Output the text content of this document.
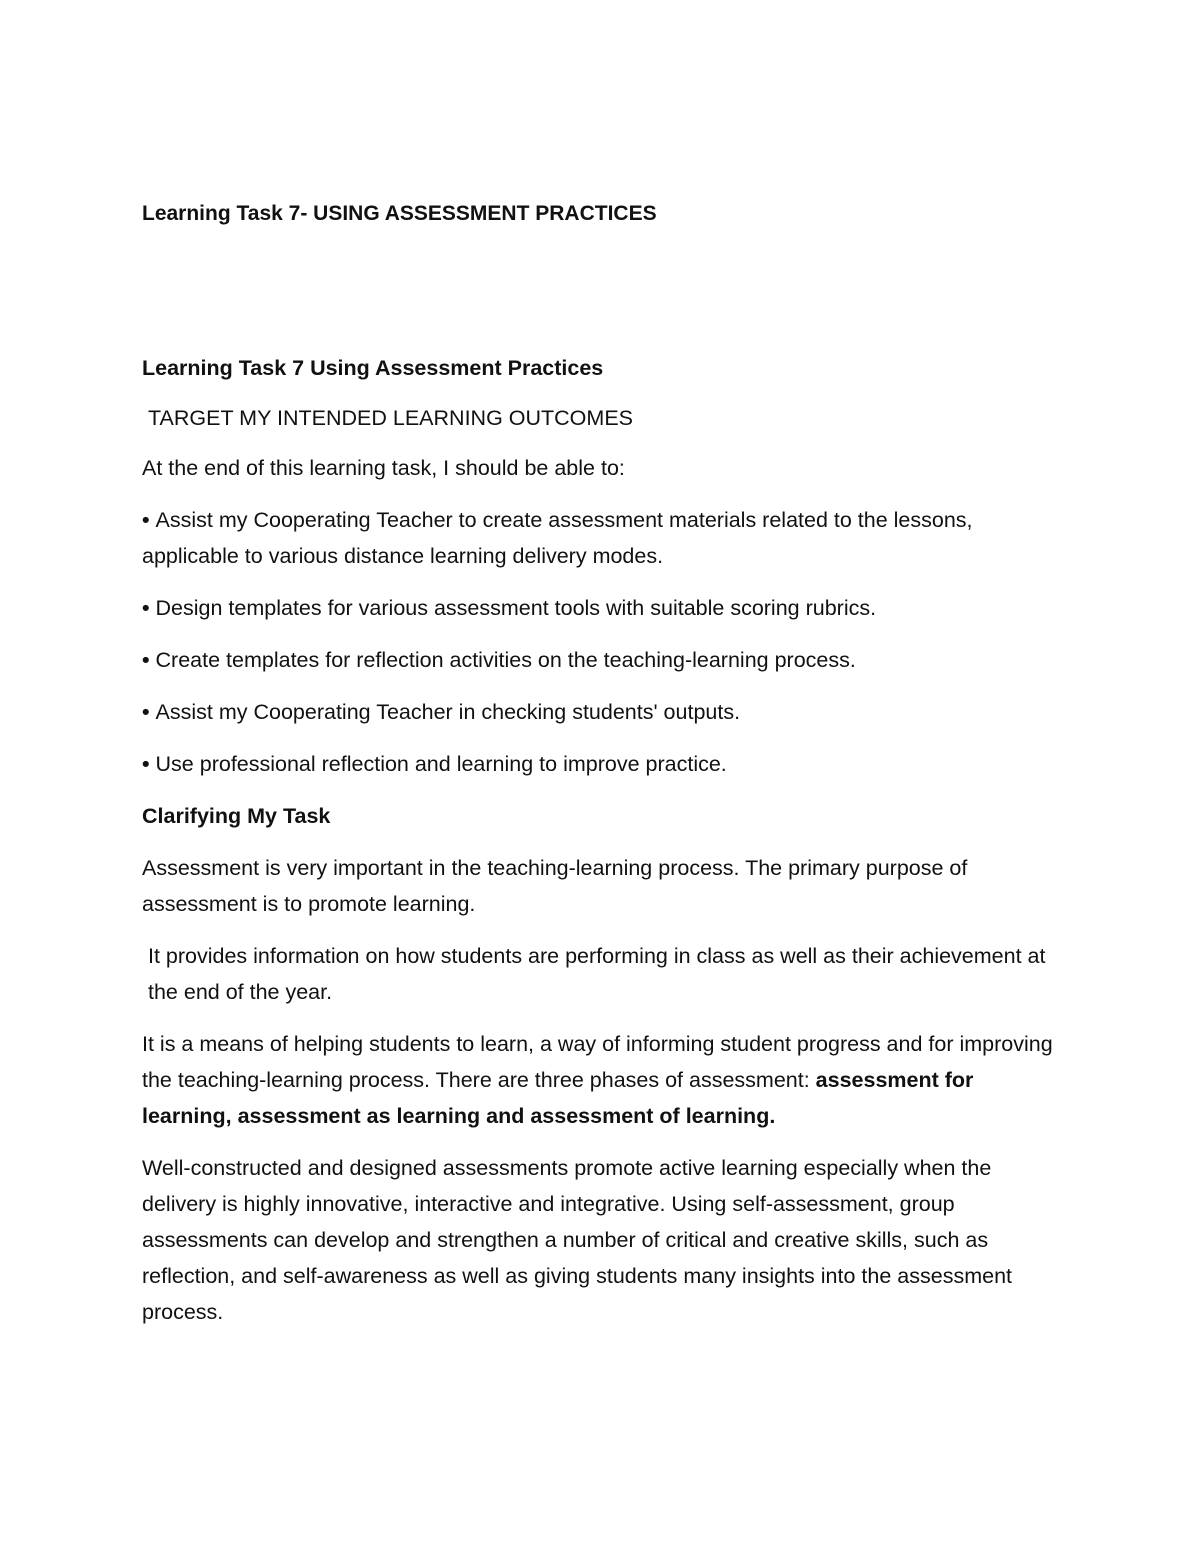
Learning Task 7- USING ASSESSMENT PRACTICES

Learning Task 7 Using Assessment Practices

TARGET MY INTENDED LEARNING OUTCOMES

At the end of this learning task, I should be able to:

• Assist my Cooperating Teacher to create assessment materials related to the lessons, applicable to various distance learning delivery modes.

• Design templates for various assessment tools with suitable scoring rubrics.

• Create templates for reflection activities on the teaching-learning process.

• Assist my Cooperating Teacher in checking students' outputs.

• Use professional reflection and learning to improve practice.

Clarifying My Task

Assessment is very important in the teaching-learning process. The primary purpose of assessment is to promote learning.

It provides information on how students are performing in class as well as their achievement at the end of the year.

It is a means of helping students to learn, a way of informing student progress and for improving the teaching-learning process. There are three phases of assessment: assessment for learning, assessment as learning and assessment of learning.

Well-constructed and designed assessments promote active learning especially when the delivery is highly innovative, interactive and integrative. Using self-assessment, group assessments can develop and strengthen a number of critical and creative skills, such as reflection, and self-awareness as well as giving students many insights into the assessment process.
